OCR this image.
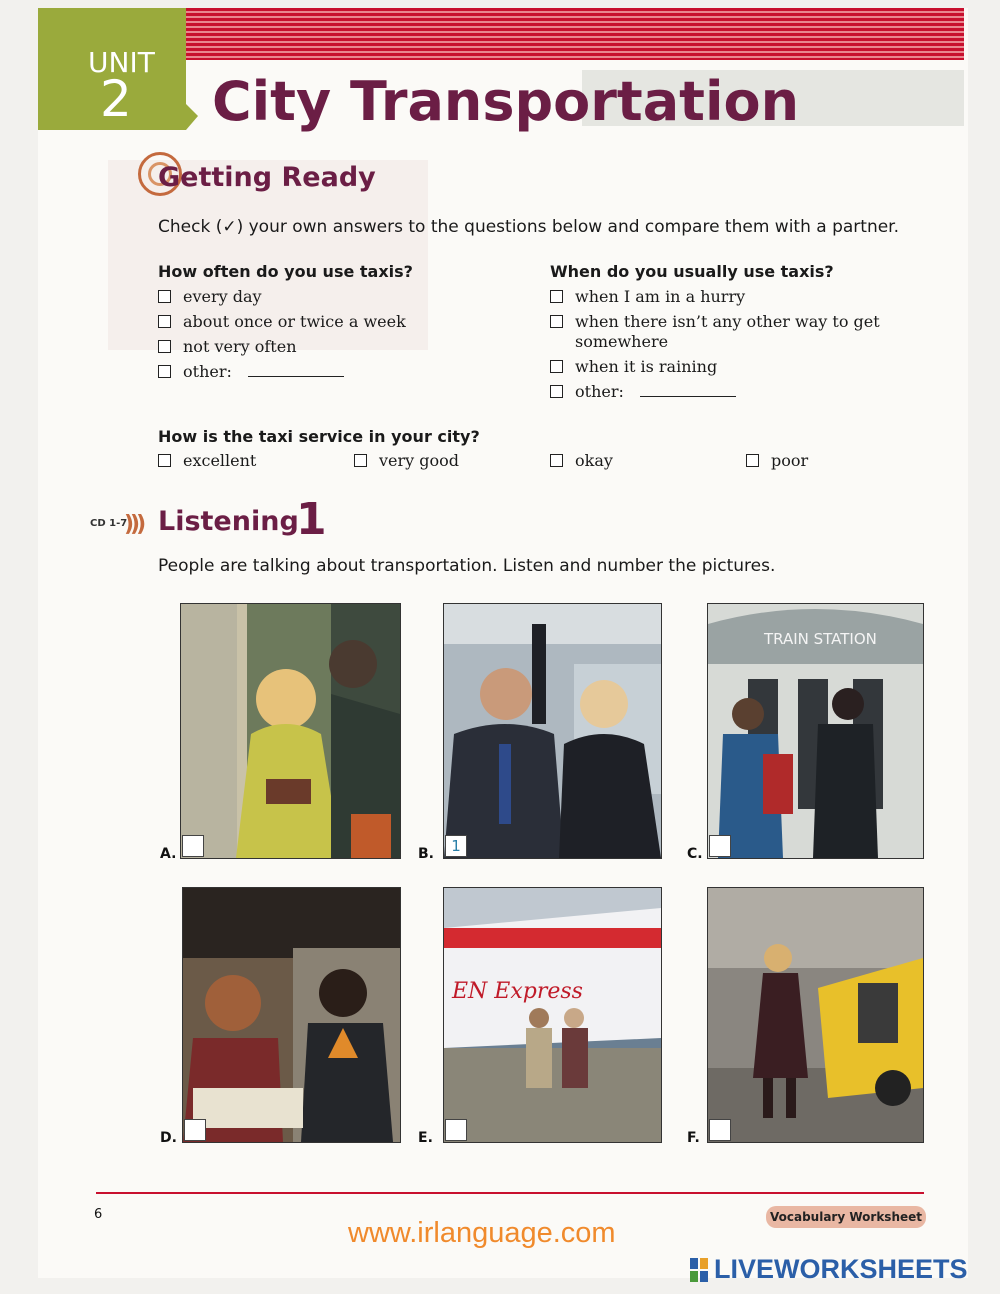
UNIT
2 City Transportation
Getting Ready
Check (✓) your own answers to the questions below and compare them with a partner.
How often do you use taxis?
every day
about once or twice a week
not very often
other:
When do you usually use taxis?
when I am in a hurry
when there isn’t any other way to get
somewhere
when it is raining
other:
How is the taxi service in your city?
excellent	very good	okay	poor
CD 1-7
))) Listening
1
People are talking about transportation. Listen and number the pictures.
A.	1
B.
TRAIN STATION
C.
D.
EN Express
E.	F.
6	Vocabulary Worksheet
www.irlanguage.com
LIVEWORKSHEETS
